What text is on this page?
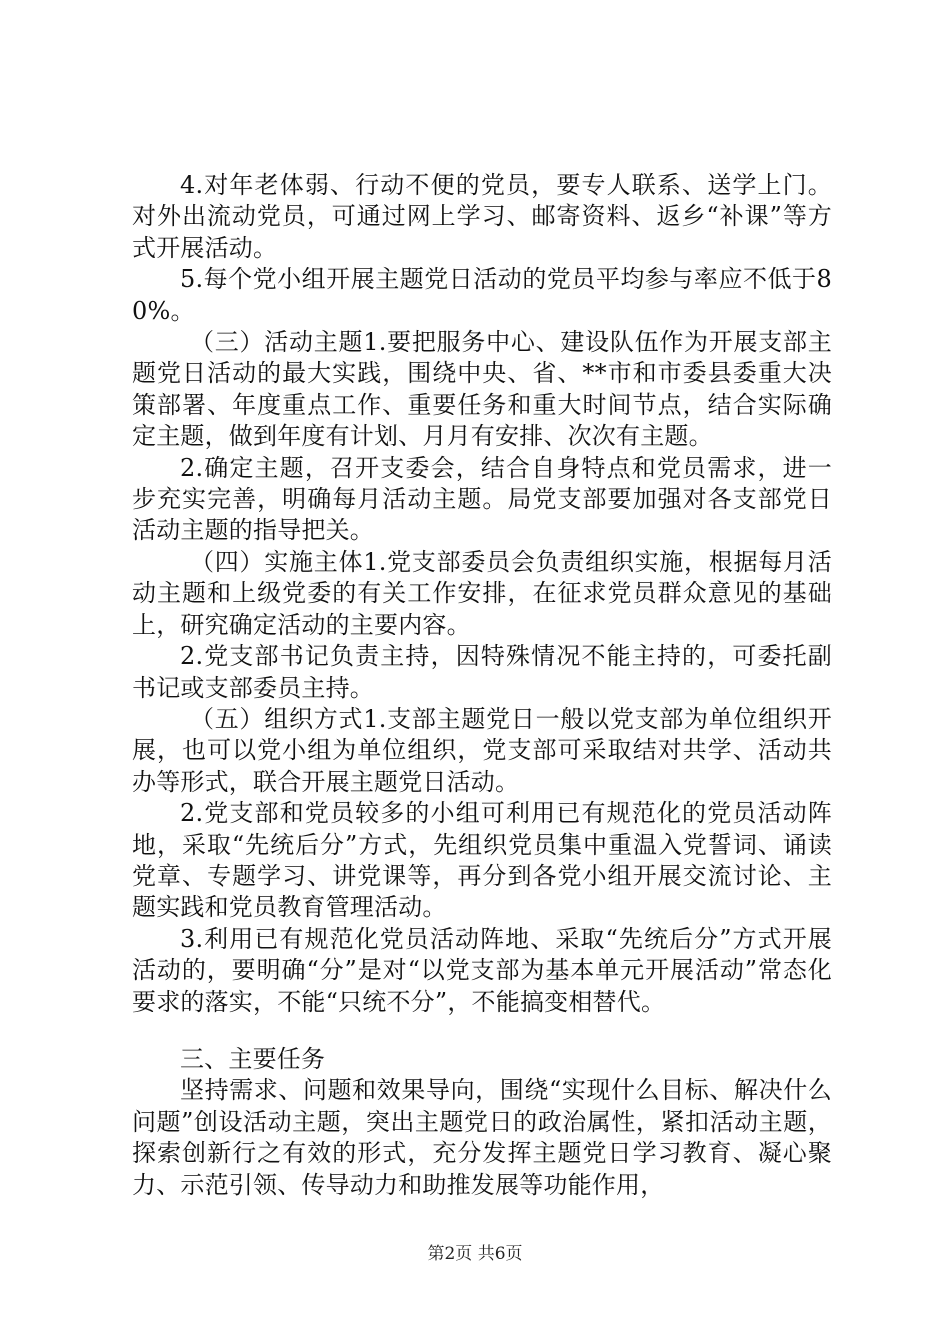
4.对年老体弱、行动不便的党员，要专人联系、送学上门。对外出流动党员，可通过网上学习、邮寄资料、返乡“补课”等方式开展活动。

5.每个党小组开展主题党日活动的党员平均参与率应不低于80%。

（三）活动主题1.要把服务中心、建设队伍作为开展支部主题党日活动的最大实践，围绕中央、省、**市和市委县委重大决策部署、年度重点工作、重要任务和重大时间节点，结合实际确定主题，做到年度有计划、月月有安排、次次有主题。

2.确定主题，召开支委会，结合自身特点和党员需求，进一步充实完善，明确每月活动主题。局党支部要加强对各支部党日活动主题的指导把关。

（四）实施主体1.党支部委员会负责组织实施，根据每月活动主题和上级党委的有关工作安排，在征求党员群众意见的基础上，研究确定活动的主要内容。

2.党支部书记负责主持，因特殊情况不能主持的，可委托副书记或支部委员主持。

（五）组织方式1.支部主题党日一般以党支部为单位组织开展，也可以党小组为单位组织，党支部可采取结对共学、活动共办等形式，联合开展主题党日活动。

2.党支部和党员较多的小组可利用已有规范化的党员活动阵地，采取“先统后分”方式，先组织党员集中重温入党誓词、诵读党章、专题学习、讲党课等，再分到各党小组开展交流讨论、主题实践和党员教育管理活动。

3.利用已有规范化党员活动阵地、采取“先统后分”方式开展活动的，要明确“分”是对“以党支部为基本单元开展活动”常态化要求的落实，不能“只统不分”，不能搞变相替代。

三、主要任务

坚持需求、问题和效果导向，围绕“实现什么目标、解决什么问题”创设活动主题，突出主题党日的政治属性，紧扣活动主题，探索创新行之有效的形式，充分发挥主题党日学习教育、凝心聚力、示范引领、传导动力和助推发展等功能作用，

第2页 共6页
